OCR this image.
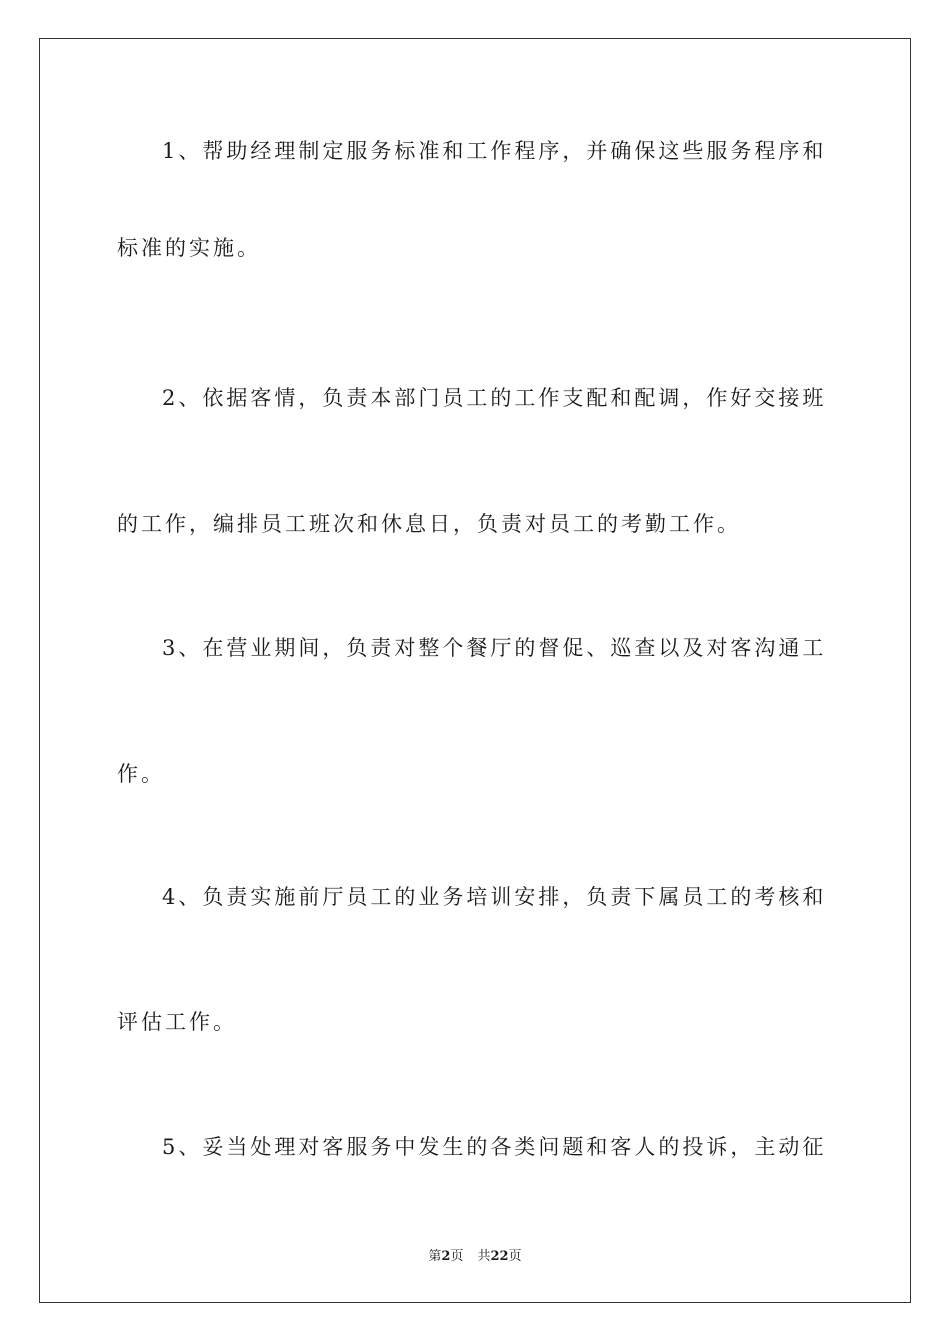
1、帮助经理制定服务标准和工作程序，并确保这些服务程序和
标准的实施。
2、依据客情，负责本部门员工的工作支配和配调，作好交接班
的工作，编排员工班次和休息日，负责对员工的考勤工作。
3、在营业期间，负责对整个餐厅的督促、巡查以及对客沟通工
作。
4、负责实施前厅员工的业务培训安排，负责下属员工的考核和
评估工作。
5、妥当处理对客服务中发生的各类问题和客人的投诉，主动征
第2页 共22页
